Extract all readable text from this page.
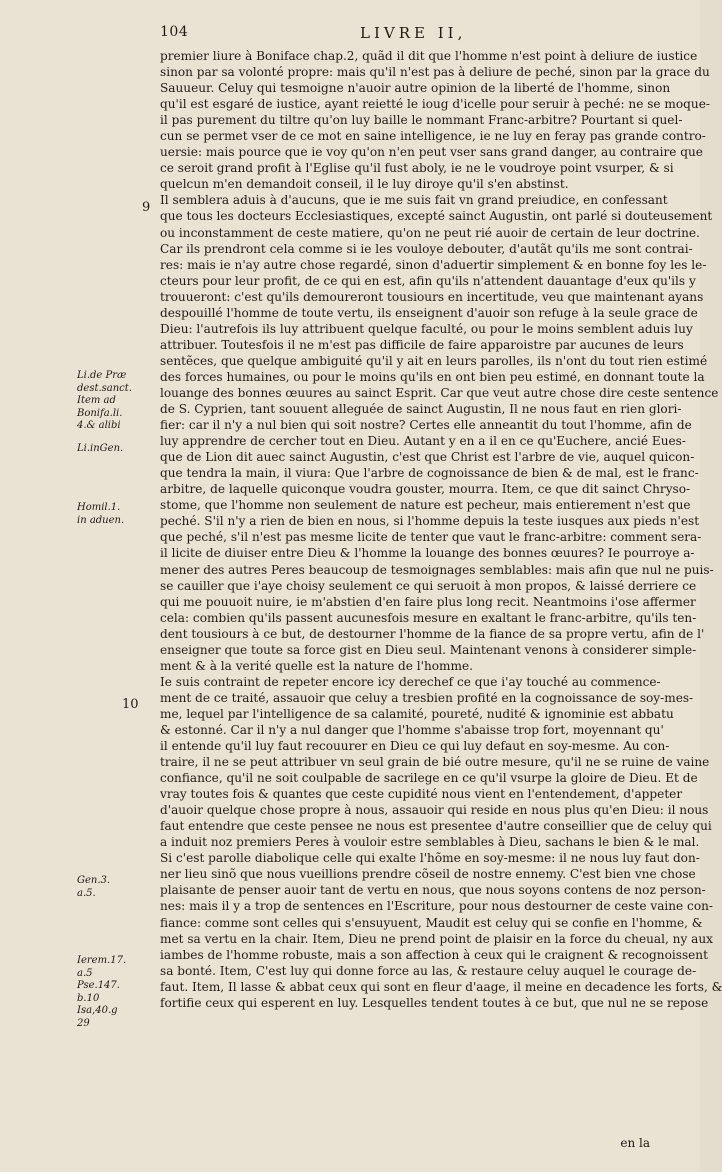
104	LIVRE II,
premier liure à Boniface chap.2, quãd il dit que l'homme n'est point à deliure de iustice
sinon par sa volonté propre: mais qu'il n'est pas à deliure de peché, sinon par la grace du
Sauueur. Celuy qui tesmoigne n'auoir autre opinion de la liberté de l'homme, sinon
qu'il est esgaré de iustice, ayant reietté le ioug d'icelle pour seruir à peché: ne se moque-
il pas purement du tiltre qu'on luy baille le nommant Franc-arbitre? Pourtant si quel-
cun se permet vser de ce mot en saine intelligence, ie ne luy en feray pas grande contro-
uersie: mais pource que ie voy qu'on n'en peut vser sans grand danger, au contraire que
ce seroit grand profit à l'Eglise qu'il fust aboly, ie ne le voudroye point vsurper, & si
quelcun m'en demandoit conseil, il le luy diroye qu'il s'en abstinst.
Il semblera aduis à d'aucuns, que ie me suis fait vn grand preiudice, en confessant
que tous les docteurs Ecclesiastiques, excepté sainct Augustin, ont parlé si douteusement
ou inconstamment de ceste matiere, qu'on ne peut rié auoir de certain de leur doctrine.
Car ils prendront cela comme si ie les vouloye debouter, d'autãt qu'ils me sont contrai-
res: mais ie n'ay autre chose regardé, sinon d'aduertir simplement & en bonne foy les le-
cteurs pour leur profit, de ce qui en est, afin qu'ils n'attendent dauantage d'eux qu'ils y
trouueront: c'est qu'ils demoureront tousiours en incertitude, veu que maintenant ayans
despouillé l'homme de toute vertu, ils enseignent d'auoir son refuge à la seule grace de
Dieu: l'autrefois ils luy attribuent quelque faculté, ou pour le moins semblent aduis luy
attribuer. Toutesfois il ne m'est pas difficile de faire apparoistre par aucunes de leurs
sentẽces, que quelque ambiguité qu'il y ait en leurs parolles, ils n'ont du tout rien estimé
des forces humaines, ou pour le moins qu'ils en ont bien peu estimé, en donnant toute la
louange des bonnes œuures au sainct Esprit. Car que veut autre chose dire ceste sentence
de S. Cyprien, tant souuent alleguée de sainct Augustin, Il ne nous faut en rien glori-
fier: car il n'y a nul bien qui soit nostre? Certes elle anneantit du tout l'homme, afin de
luy apprendre de cercher tout en Dieu. Autant y en a il en ce qu'Euchere, ancié Eues-
que de Lion dit auec sainct Augustin, c'est que Christ est l'arbre de vie, auquel quicon-
que tendra la main, il viura: Que l'arbre de cognoissance de bien & de mal, est le franc-
arbitre, de laquelle quiconque voudra gouster, mourra. Item, ce que dit sainct Chryso-
stome, que l'homme non seulement de nature est pecheur, mais entierement n'est que
peché. S'il n'y a rien de bien en nous, si l'homme depuis la teste iusques aux pieds n'est
que peché, s'il n'est pas mesme licite de tenter que vaut le franc-arbitre: comment sera-
il licite de diuiser entre Dieu & l'homme la louange des bonnes œuures? Ie pourroye a-
mener des autres Peres beaucoup de tesmoignages semblables: mais afin que nul ne puis-
se cauiller que i'aye choisy seulement ce qui seruoit à mon propos, & laissé derriere ce
qui me pouuoit nuire, ie m'abstien d'en faire plus long recit. Neantmoins i'ose affermer
cela: combien qu'ils passent aucunesfois mesure en exaltant le franc-arbitre, qu'ils ten-
dent tousiours à ce but, de destourner l'homme de la fiance de sa propre vertu, afin de l'
enseigner que toute sa force gist en Dieu seul. Maintenant venons à considerer simple-
ment & à la verité quelle est la nature de l'homme.
Ie suis contraint de repeter encore icy derechef ce que i'ay touché au commence-
ment de ce traité, assauoir que celuy a tresbien profité en la cognoissance de soy-mes-
me, lequel par l'intelligence de sa calamité, poureté, nudité & ignominie est abbatu
& estonné. Car il n'y a nul danger que l'homme s'abaisse trop fort, moyennant qu'
il entende qu'il luy faut recouurer en Dieu ce qui luy defaut en soy-mesme. Au con-
traire, il ne se peut attribuer vn seul grain de bié outre mesure, qu'il ne se ruine de vaine
confiance, qu'il ne soit coulpable de sacrilege en ce qu'il vsurpe la gloire de Dieu. Et de
vray toutes fois & quantes que ceste cupidité nous vient en l'entendement, d'appeter
d'auoir quelque chose propre à nous, assauoir qui reside en nous plus qu'en Dieu: il nous
faut entendre que ceste pensee ne nous est presentee d'autre conseillier que de celuy qui
a induit noz premiers Peres à vouloir estre semblables à Dieu, sachans le bien & le mal.
Si c'est parolle diabolique celle qui exalte l'hõme en soy-mesme: il ne nous luy faut don-
ner lieu sinõ que nous vueillions prendre cõseil de nostre ennemy. C'est bien vne chose
plaisante de penser auoir tant de vertu en nous, que nous soyons contens de noz person-
nes: mais il y a trop de sentences en l'Escriture, pour nous destourner de ceste vaine con-
fiance: comme sont celles qui s'ensuyuent, Maudit est celuy qui se confie en l'homme, &
met sa vertu en la chair. Item, Dieu ne prend point de plaisir en la force du cheual, ny aux
iambes de l'homme robuste, mais a son affection à ceux qui le craignent & recognoissent
sa bonté. Item, C'est luy qui donne force au las, & restaure celuy auquel le courage de-
faut. Item, Il lasse & abbat ceux qui sont en fleur d'aage, il meine en decadence les forts, &
fortifie ceux qui esperent en luy. Lesquelles tendent toutes à ce but, que nul ne se repose
9
10
Li.de Præ
dest.sanct.
Item ad
Bonifa.li.
4.& alibi
Li.inGen.
Homil.1.
in aduen.
Gen.3.
a.5.
Ierem.17.
a.5
Pse.147.
b.10
Isa,40.g
29
en la
